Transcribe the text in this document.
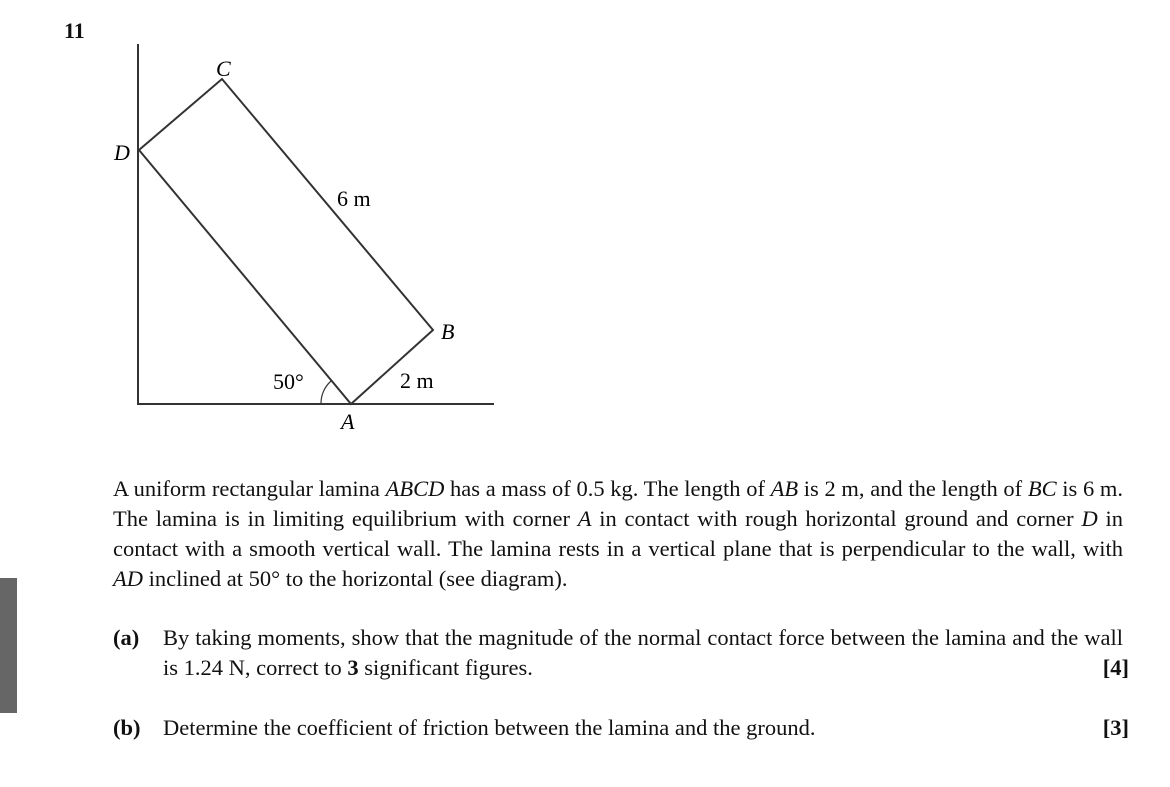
11
C
D
B
A
6 m
2 m
50°
A uniform rectangular lamina ABCD has a mass of 0.5 kg. The length of AB is 2 m, and the length of BC is 6 m. The lamina is in limiting equilibrium with corner A in contact with rough horizontal ground and corner D in contact with a smooth vertical wall. The lamina rests in a vertical plane that is perpendicular to the wall, with AD inclined at 50° to the horizontal (see diagram).
(a) By taking moments, show that the magnitude of the normal contact force between the lamina and the wall is 1.24 N, correct to 3 significant figures.	[4]
(b) Determine the coefficient of friction between the lamina and the ground.	[3]
